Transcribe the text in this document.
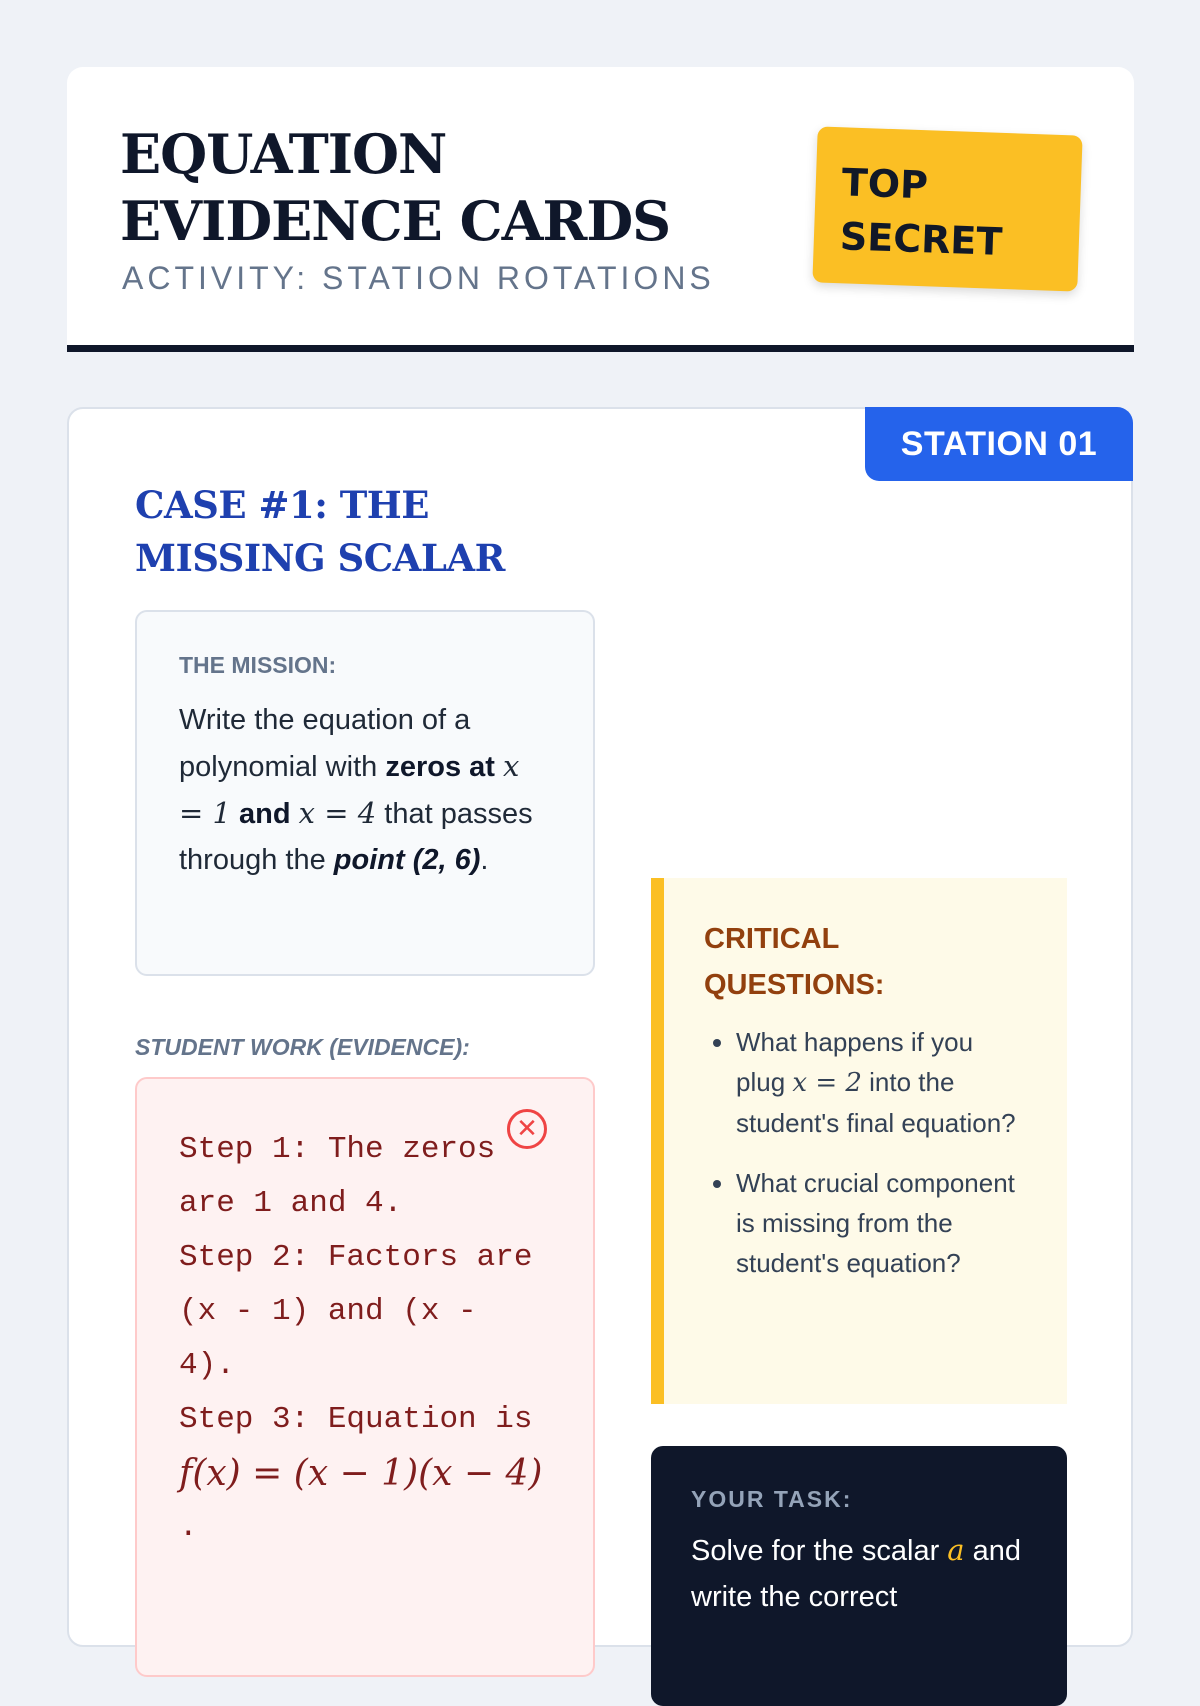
EQUATION EVIDENCE CARDS
ACTIVITY: STATION ROTATIONS
TOP SECRET
STATION 01
CASE #1: THE MISSING SCALAR
THE MISSION:
Write the equation of a polynomial with zeros at x = 1 and x = 4 that passes through the point (2, 6).
STUDENT WORK (EVIDENCE):
✕
Step 1: The zeros are 1 and 4.
Step 2: Factors are (x - 1) and (x - 4).
Step 3: Equation is
f(x) = (x − 1)(x − 4)
.
CRITICAL QUESTIONS:
• What happens if you plug x = 2 into the student's final equation?
• What crucial component is missing from the student's equation?
YOUR TASK:
Solve for the scalar a and write the correct
